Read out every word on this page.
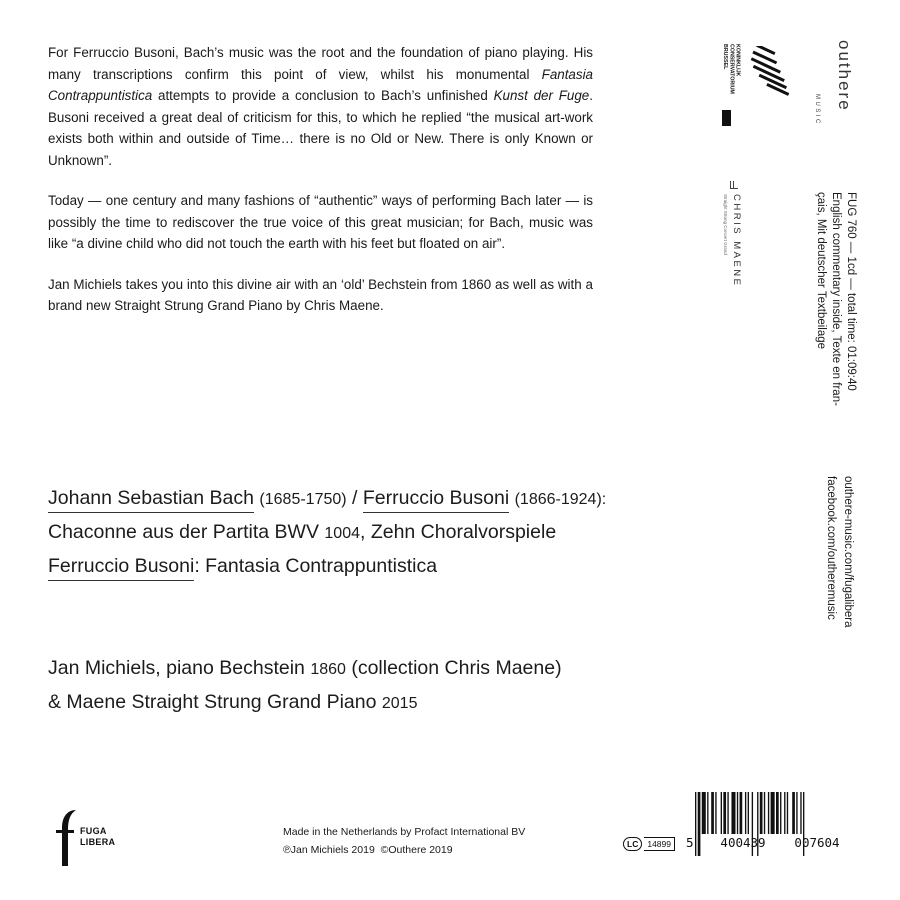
For Ferruccio Busoni, Bach’s music was the root and the foundation of piano playing. His many transcriptions confirm this point of view, whilst his monumental Fantasia Contrappuntistica attempts to provide a conclusion to Bach’s unfinished Kunst der Fuge. Busoni received a great deal of criticism for this, to which he replied “the musical art-work exists both within and outside of Time… there is no Old or New. There is only Known or Unknown”.

Today — one century and many fashions of “authentic” ways of performing Bach later — is possibly the time to rediscover the true voice of this great musician; for Bach, music was like “a divine child who did not touch the earth with his feet but floated on air”.

Jan Michiels takes you into this divine air with an ‘old’ Bechstein from 1860 as well as with a brand new Straight Strung Grand Piano by Chris Maene.

Johann Sebastian Bach (1685-1750) / Ferruccio Busoni (1866-1924):
Chaconne aus der Partita BWV 1004, Zehn Choralvorspiele
Ferruccio Busoni: Fantasia Contrappuntistica
Jan Michiels, piano Bechstein 1860 (collection Chris Maene)
& Maene Straight Strung Grand Piano 2015
outhere
MUSIC
FUG 760 — 1cd — total time: 01:09:40
English commentary inside, Texte en fran-
çais, Mit deutscher Textbeilage
outhere-music.com/fugalibera
facebook.com/outheremusic
KONINKLIJK
CONSERVATORIUM
BRUSSEL
CHRIS MAENE
Straight Strung Concert Grand
FUGA
LIBERA
Made in the Netherlands by Profact International BV
℗Jan Michiels 2019  ©Outhere 2019	LC	14899	5 400439 007604
